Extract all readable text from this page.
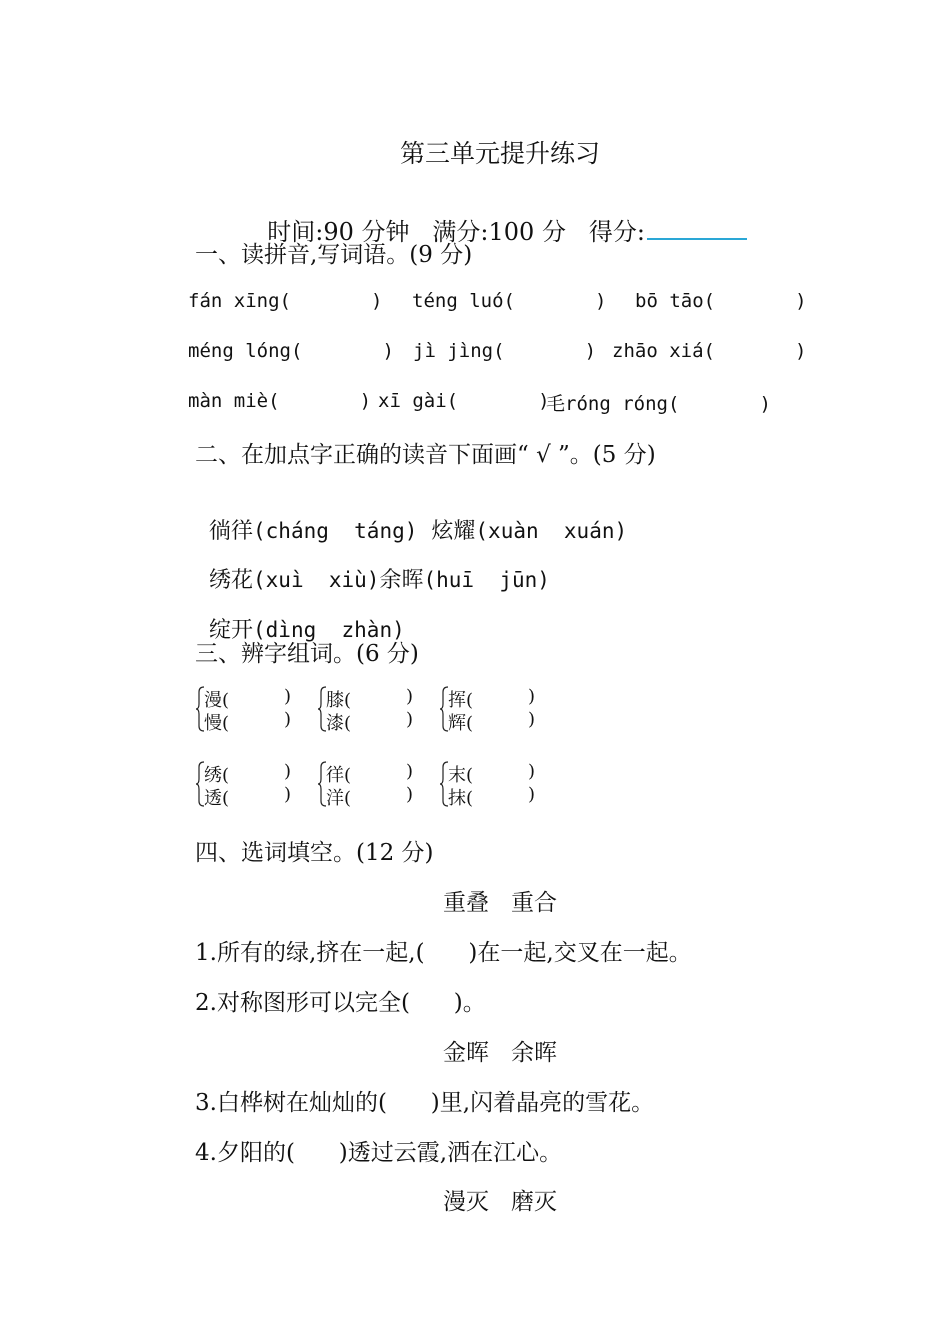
第三单元提升练习

时间:90 分钟 满分:100 分 得分:

一、读拼音,写词语。(9 分)
fán xīng(       ) téng luó(       ) bō tāo(       )
méng lóng(       ) jì jìng(       ) zhāo xiá(       )
màn miè(       ) xī gài(       )
毛róng róng(       )
二、在加点字正确的读音下面画“ √ ”。(5 分)

徜徉(cháng  táng) 炫耀(xuàn  xuán)

绣花(xuì  xiù)余晖(huī  jūn)

绽开(dìng  zhàn)

三、辨字组词。(6 分)
漫(
慢(
)
)
膝(
漆(
)
)
挥(
辉(
)
)
绣(
透(
)
)
徉(
洋(
)
)
末(
抹(
)
)
四、选词填空。(12 分)
重叠   重合
1.所有的绿,挤在一起,(      )在一起,交叉在一起。
2.对称图形可以完全(      )。
金晖   余晖
3.白桦树在灿灿的(      )里,闪着晶亮的雪花。
4.夕阳的(      )透过云霞,洒在江心。
漫灭   磨灭
